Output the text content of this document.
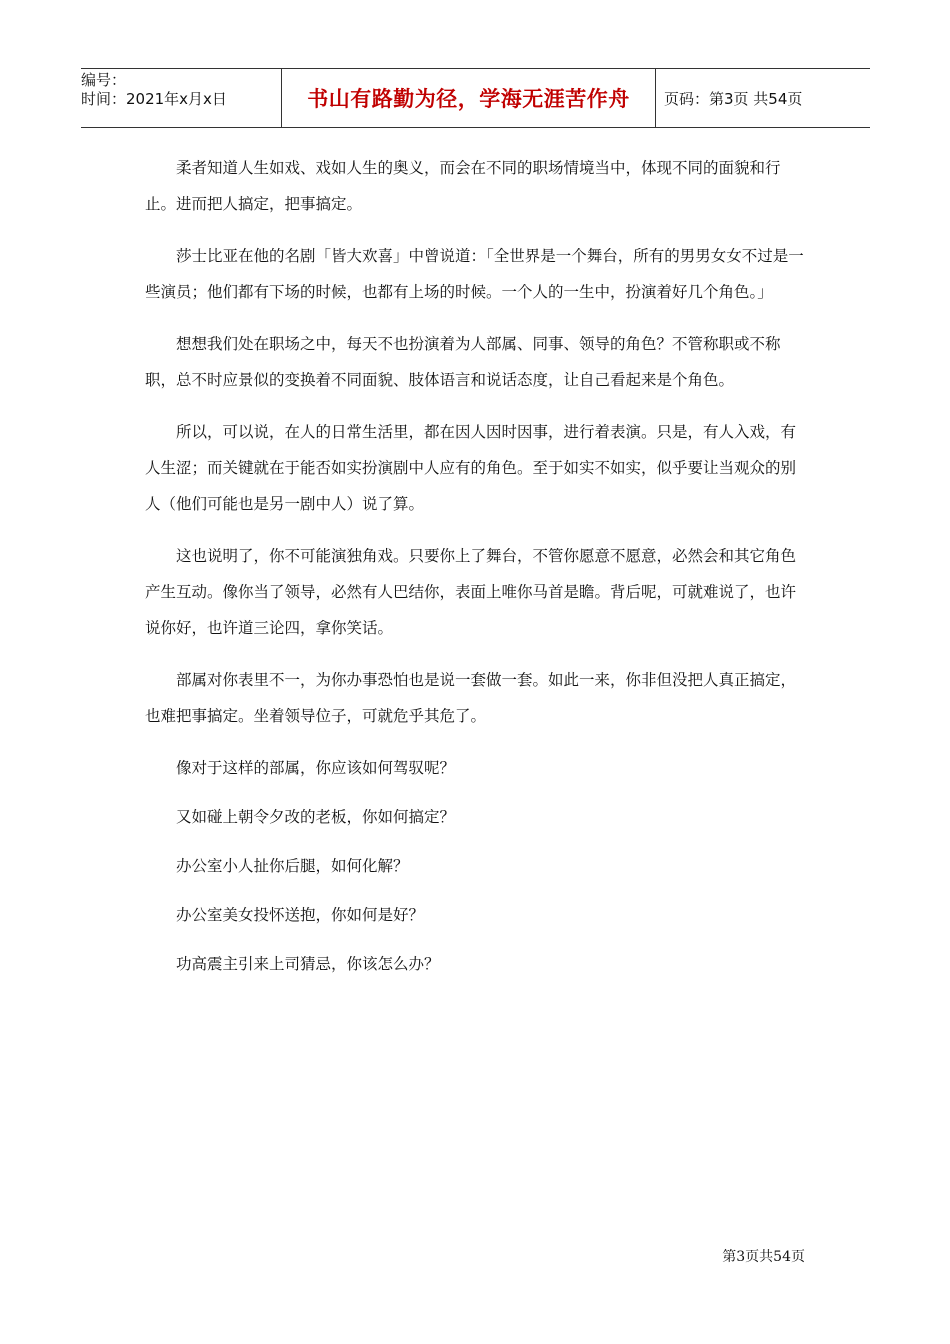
编号：
时间：2021年x月x日	书山有路勤为径，学海无涯苦作舟	页码：第3页 共54页

柔者知道人生如戏、戏如人生的奥义，而会在不同的职场情境当中，体现不同的面貌和行止。进而把人搞定，把事搞定。

莎士比亚在他的名剧「皆大欢喜」中曾说道：「全世界是一个舞台，所有的男男女女不过是一些演员；他们都有下场的时候，也都有上场的时候。一个人的一生中，扮演着好几个角色。」

想想我们处在职场之中，每天不也扮演着为人部属、同事、领导的角色？不管称职或不称职，总不时应景似的变换着不同面貌、肢体语言和说话态度，让自己看起来是个角色。

所以，可以说，在人的日常生活里，都在因人因时因事，进行着表演。只是，有人入戏，有人生涩；而关键就在于能否如实扮演剧中人应有的角色。至于如实不如实，似乎要让当观众的别人（他们可能也是另一剧中人）说了算。

这也说明了，你不可能演独角戏。只要你上了舞台，不管你愿意不愿意，必然会和其它角色产生互动。像你当了领导，必然有人巴结你，表面上唯你马首是瞻。背后呢，可就难说了，也许说你好，也许道三论四，拿你笑话。

部属对你表里不一，为你办事恐怕也是说一套做一套。如此一来，你非但没把人真正搞定，也难把事搞定。坐着领导位子，可就危乎其危了。

像对于这样的部属，你应该如何驾驭呢？

又如碰上朝令夕改的老板，你如何搞定？

办公室小人扯你后腿，如何化解？

办公室美女投怀送抱，你如何是好？

功高震主引来上司猜忌，你该怎么办？

第3页共54页
